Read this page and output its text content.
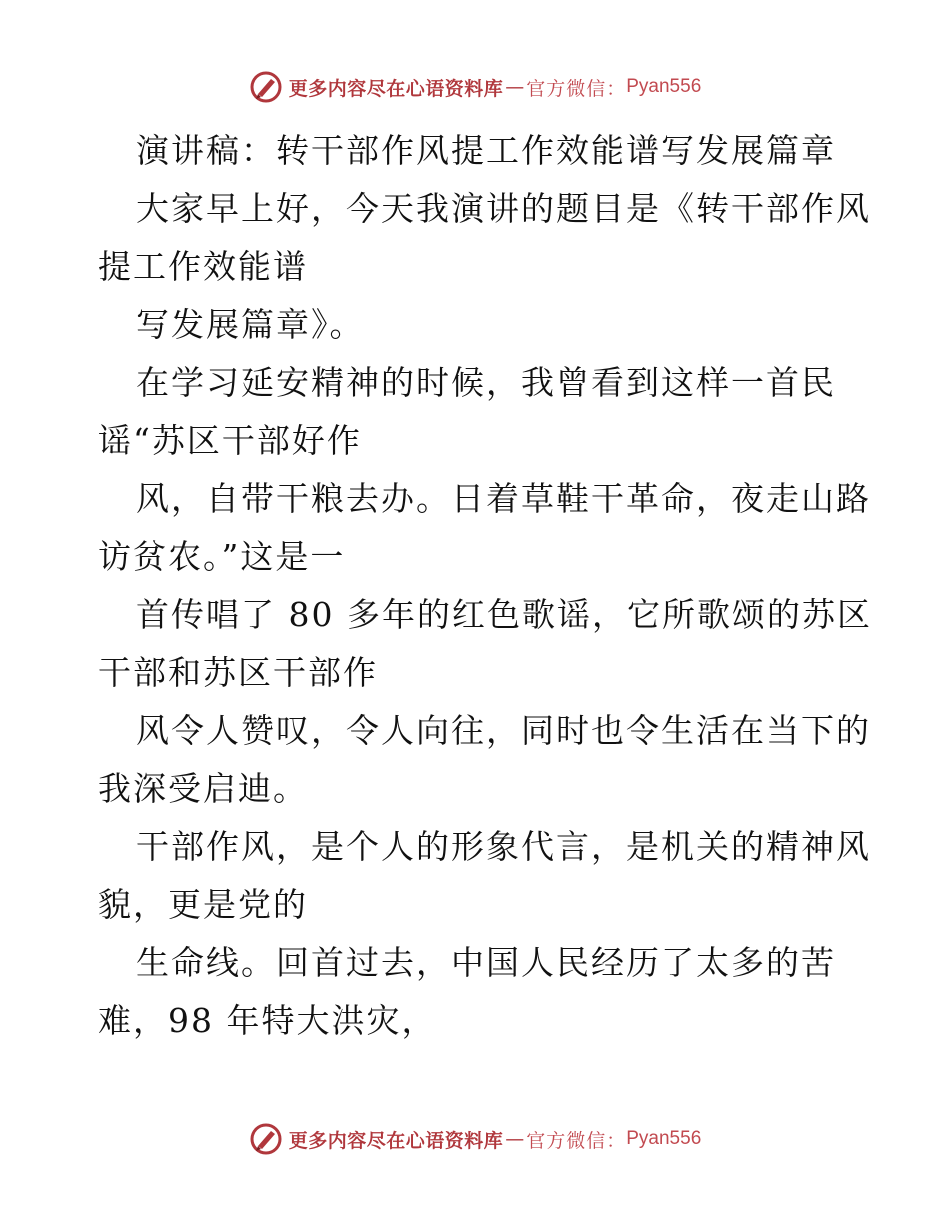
更多内容尽在心语资料库 — 官方微信： Pyan556
演讲稿：转干部作风提工作效能谱写发展篇章
大家早上好，今天我演讲的题目是《转干部作风
提工作效能谱
写发展篇章》。
在学习延安精神的时候，我曾看到这样一首民
谣“苏区干部好作
风，自带干粮去办。日着草鞋干革命，夜走山路
访贫农。”这是一
首传唱了 80 多年的红色歌谣，它所歌颂的苏区
干部和苏区干部作
风令人赞叹，令人向往，同时也令生活在当下的
我深受启迪。
干部作风，是个人的形象代言，是机关的精神风
貌，更是党的
生命线。回首过去，中国人民经历了太多的苦
难，98 年特大洪灾，
更多内容尽在心语资料库 — 官方微信： Pyan556
